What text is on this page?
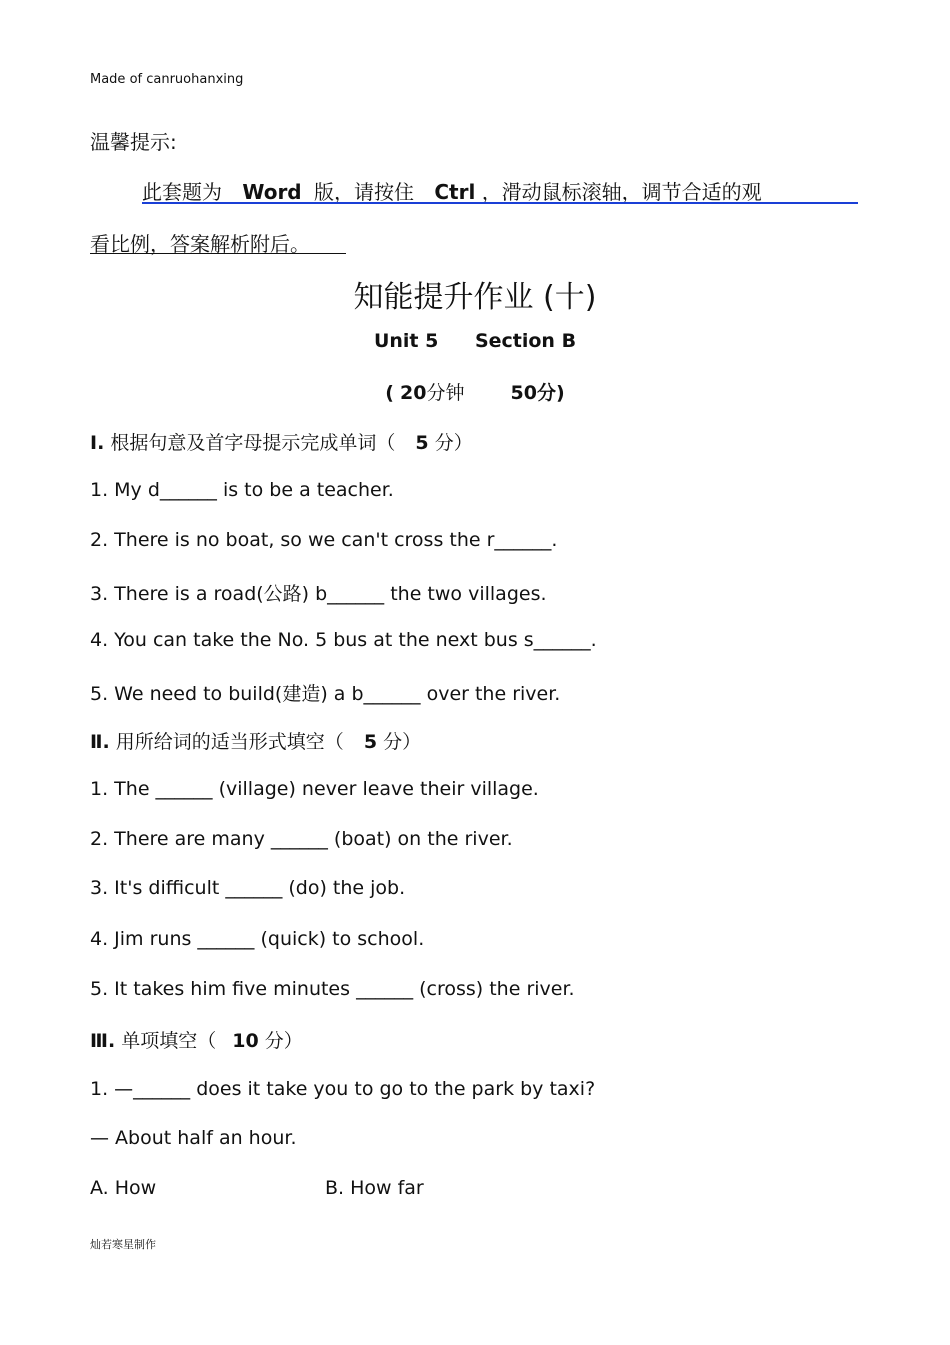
Made of canruohanxing
温馨提示:
此套题为 Word 版，请按住 Ctrl ，滑动鼠标滚轴，调节合适的观
看比例，答案解析附后。
知能提升作业 (十)
Unit 5 Section B
( 20分钟 50分)
Ⅰ. 根据句意及首字母提示完成单词（ 5 分）
1. My d______ is to be a teacher.
2. There is no boat, so we can't cross the r______.
3. There is a road(公路) b______ the two villages.
4. You can take the No. 5 bus at the next bus s______.
5. We need to build(建造) a b______ over the river.
Ⅱ. 用所给词的适当形式填空（ 5 分）
1. The ______ (village) never leave their village.
2. There are many ______ (boat) on the river.
3. It's difficult ______ (do) the job.
4. Jim runs ______ (quick) to school.
5. It takes him five minutes ______ (cross) the river.
Ⅲ. 单项填空（ 10 分）
1. —______ does it take you to go to the park by taxi?
— About half an hour.
A. How	B. How far
灿若寒星制作
